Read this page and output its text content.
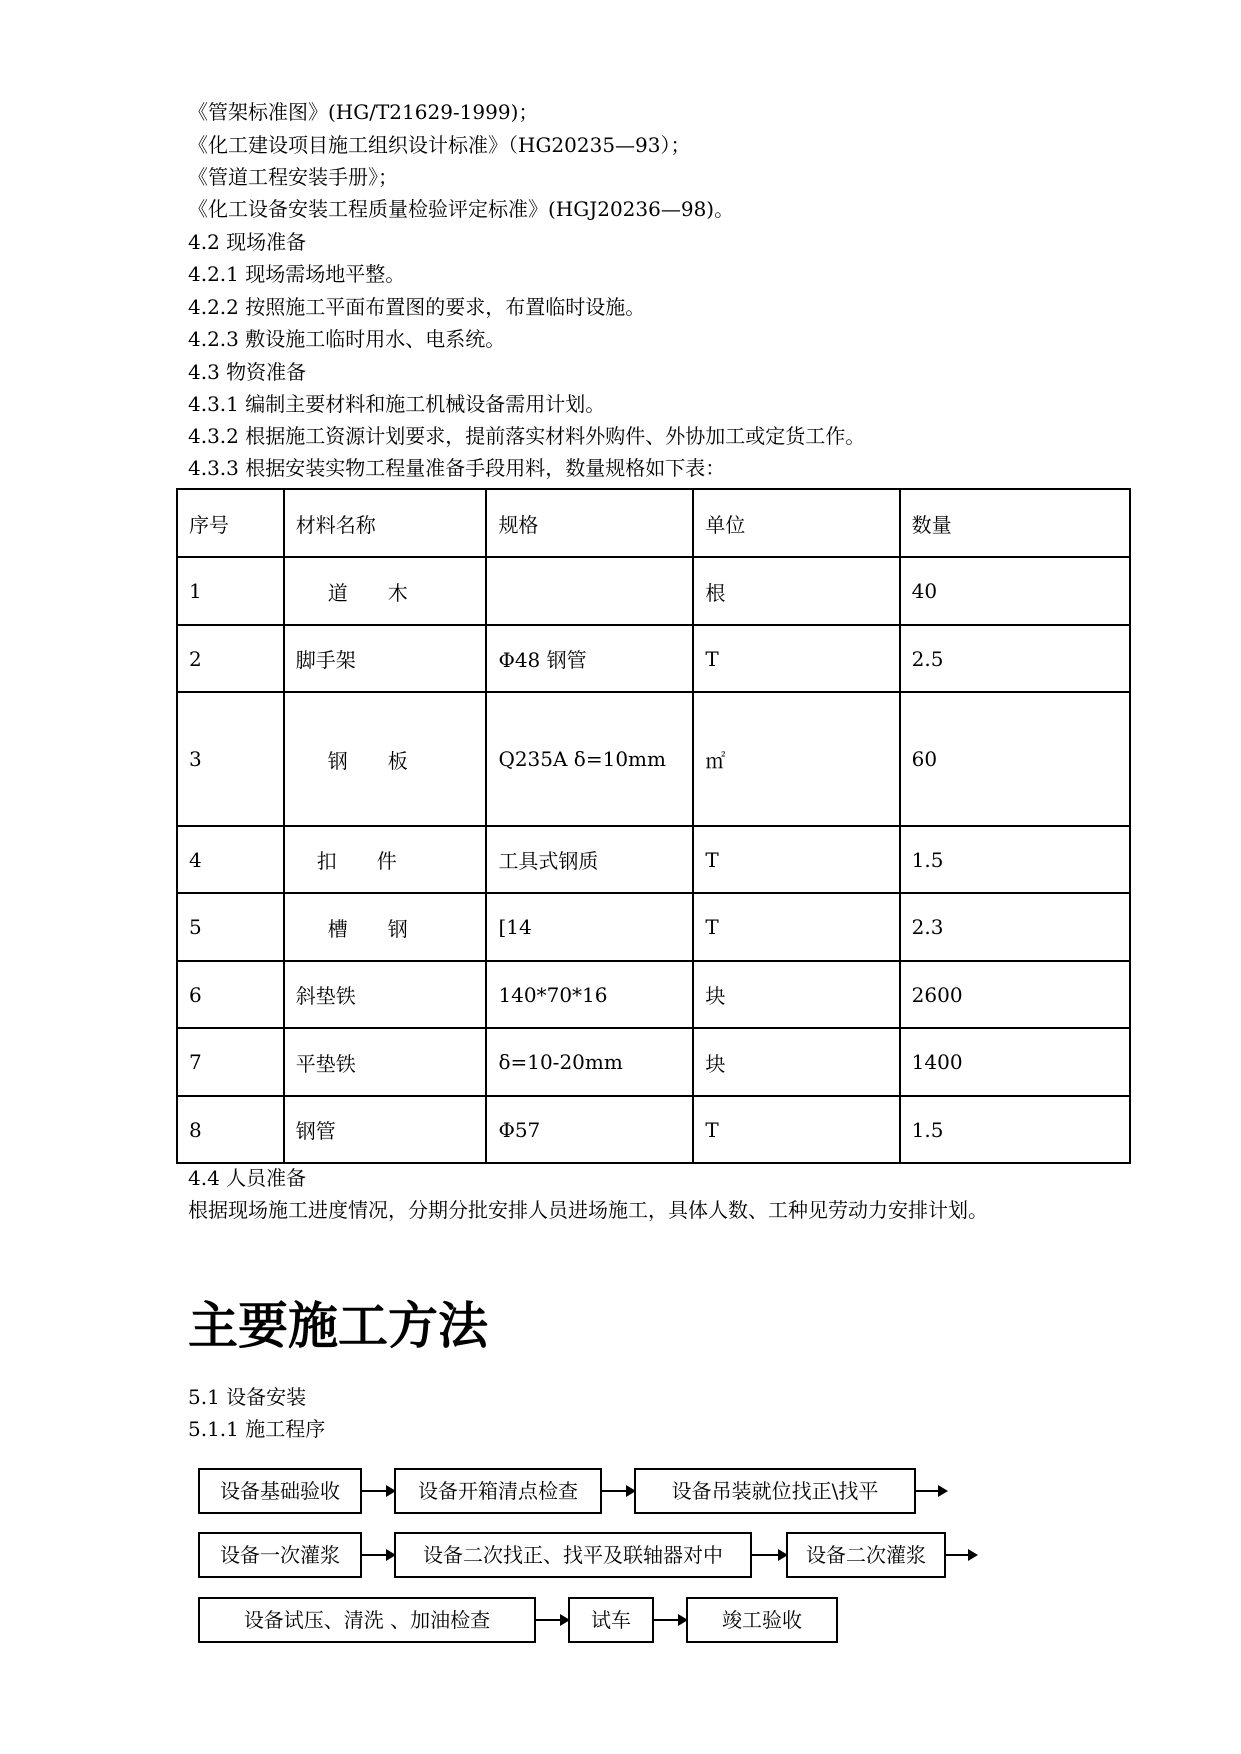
《管架标准图》(HG/T21629-1999)；
《化工建设项目施工组织设计标准》（HG20235—93）；
《管道工程安装手册》；
《化工设备安装工程质量检验评定标准》(HGJ20236—98)。
4.2 现场准备
4.2.1 现场需场地平整。
4.2.2 按照施工平面布置图的要求，布置临时设施。
4.2.3 敷设施工临时用水、电系统。
4.3 物资准备
4.3.1 编制主要材料和施工机械设备需用计划。
4.3.2 根据施工资源计划要求，提前落实材料外购件、外协加工或定货工作。
4.3.3 根据安装实物工程量准备手段用料，数量规格如下表：
序号	材料名称	规格	单位	数量
1	道　　木		根	40
2	脚手架	Φ48 钢管	T	2.5
3	钢　　板	Q235A δ=10mm	㎡	60
4	扣　　件	工具式钢质	T	1.5
5	槽　　钢	[14	T	2.3
6	斜垫铁	140*70*16	块	2600
7	平垫铁	δ=10-20mm	块	1400
8	钢管	Φ57	T	1.5
4.4 人员准备
根据现场施工进度情况，分期分批安排人员进场施工，具体人数、工种见劳动力安排计划。
主要施工方法
5.1 设备安装
5.1.1 施工程序
设备基础验收	设备开箱清点检查	设备吊装就位找正\找平
设备一次灌浆	设备二次找正、找平及联轴器对中	设备二次灌浆
设备试压、清洗 、加油检查	试车	竣工验收
